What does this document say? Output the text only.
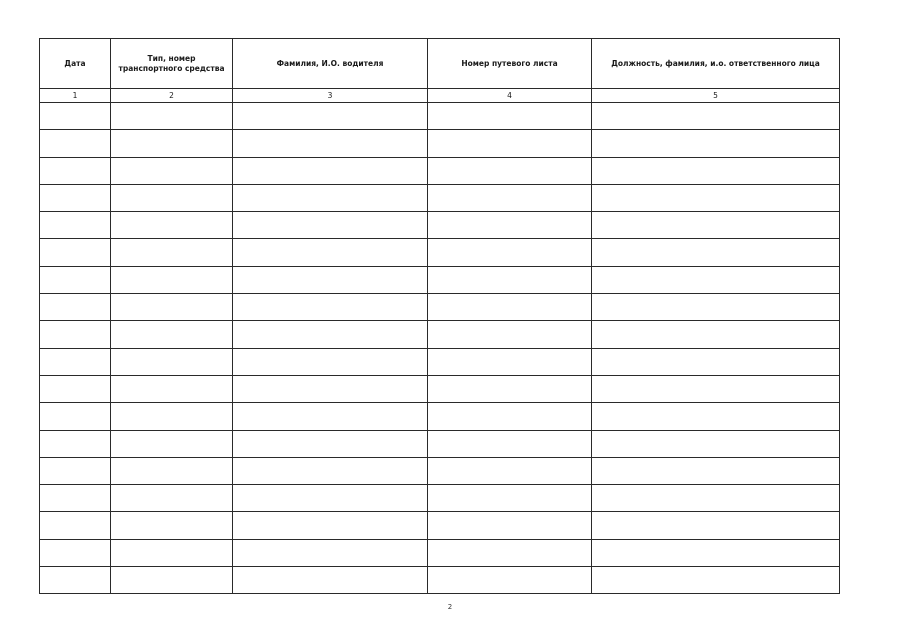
Дата	Тип, номер транспортного средства	Фамилия, И.О. водителя	Номер путевого листа	Должность, фамилия, и.о. ответственного лица
1	2	3	4	5

2
